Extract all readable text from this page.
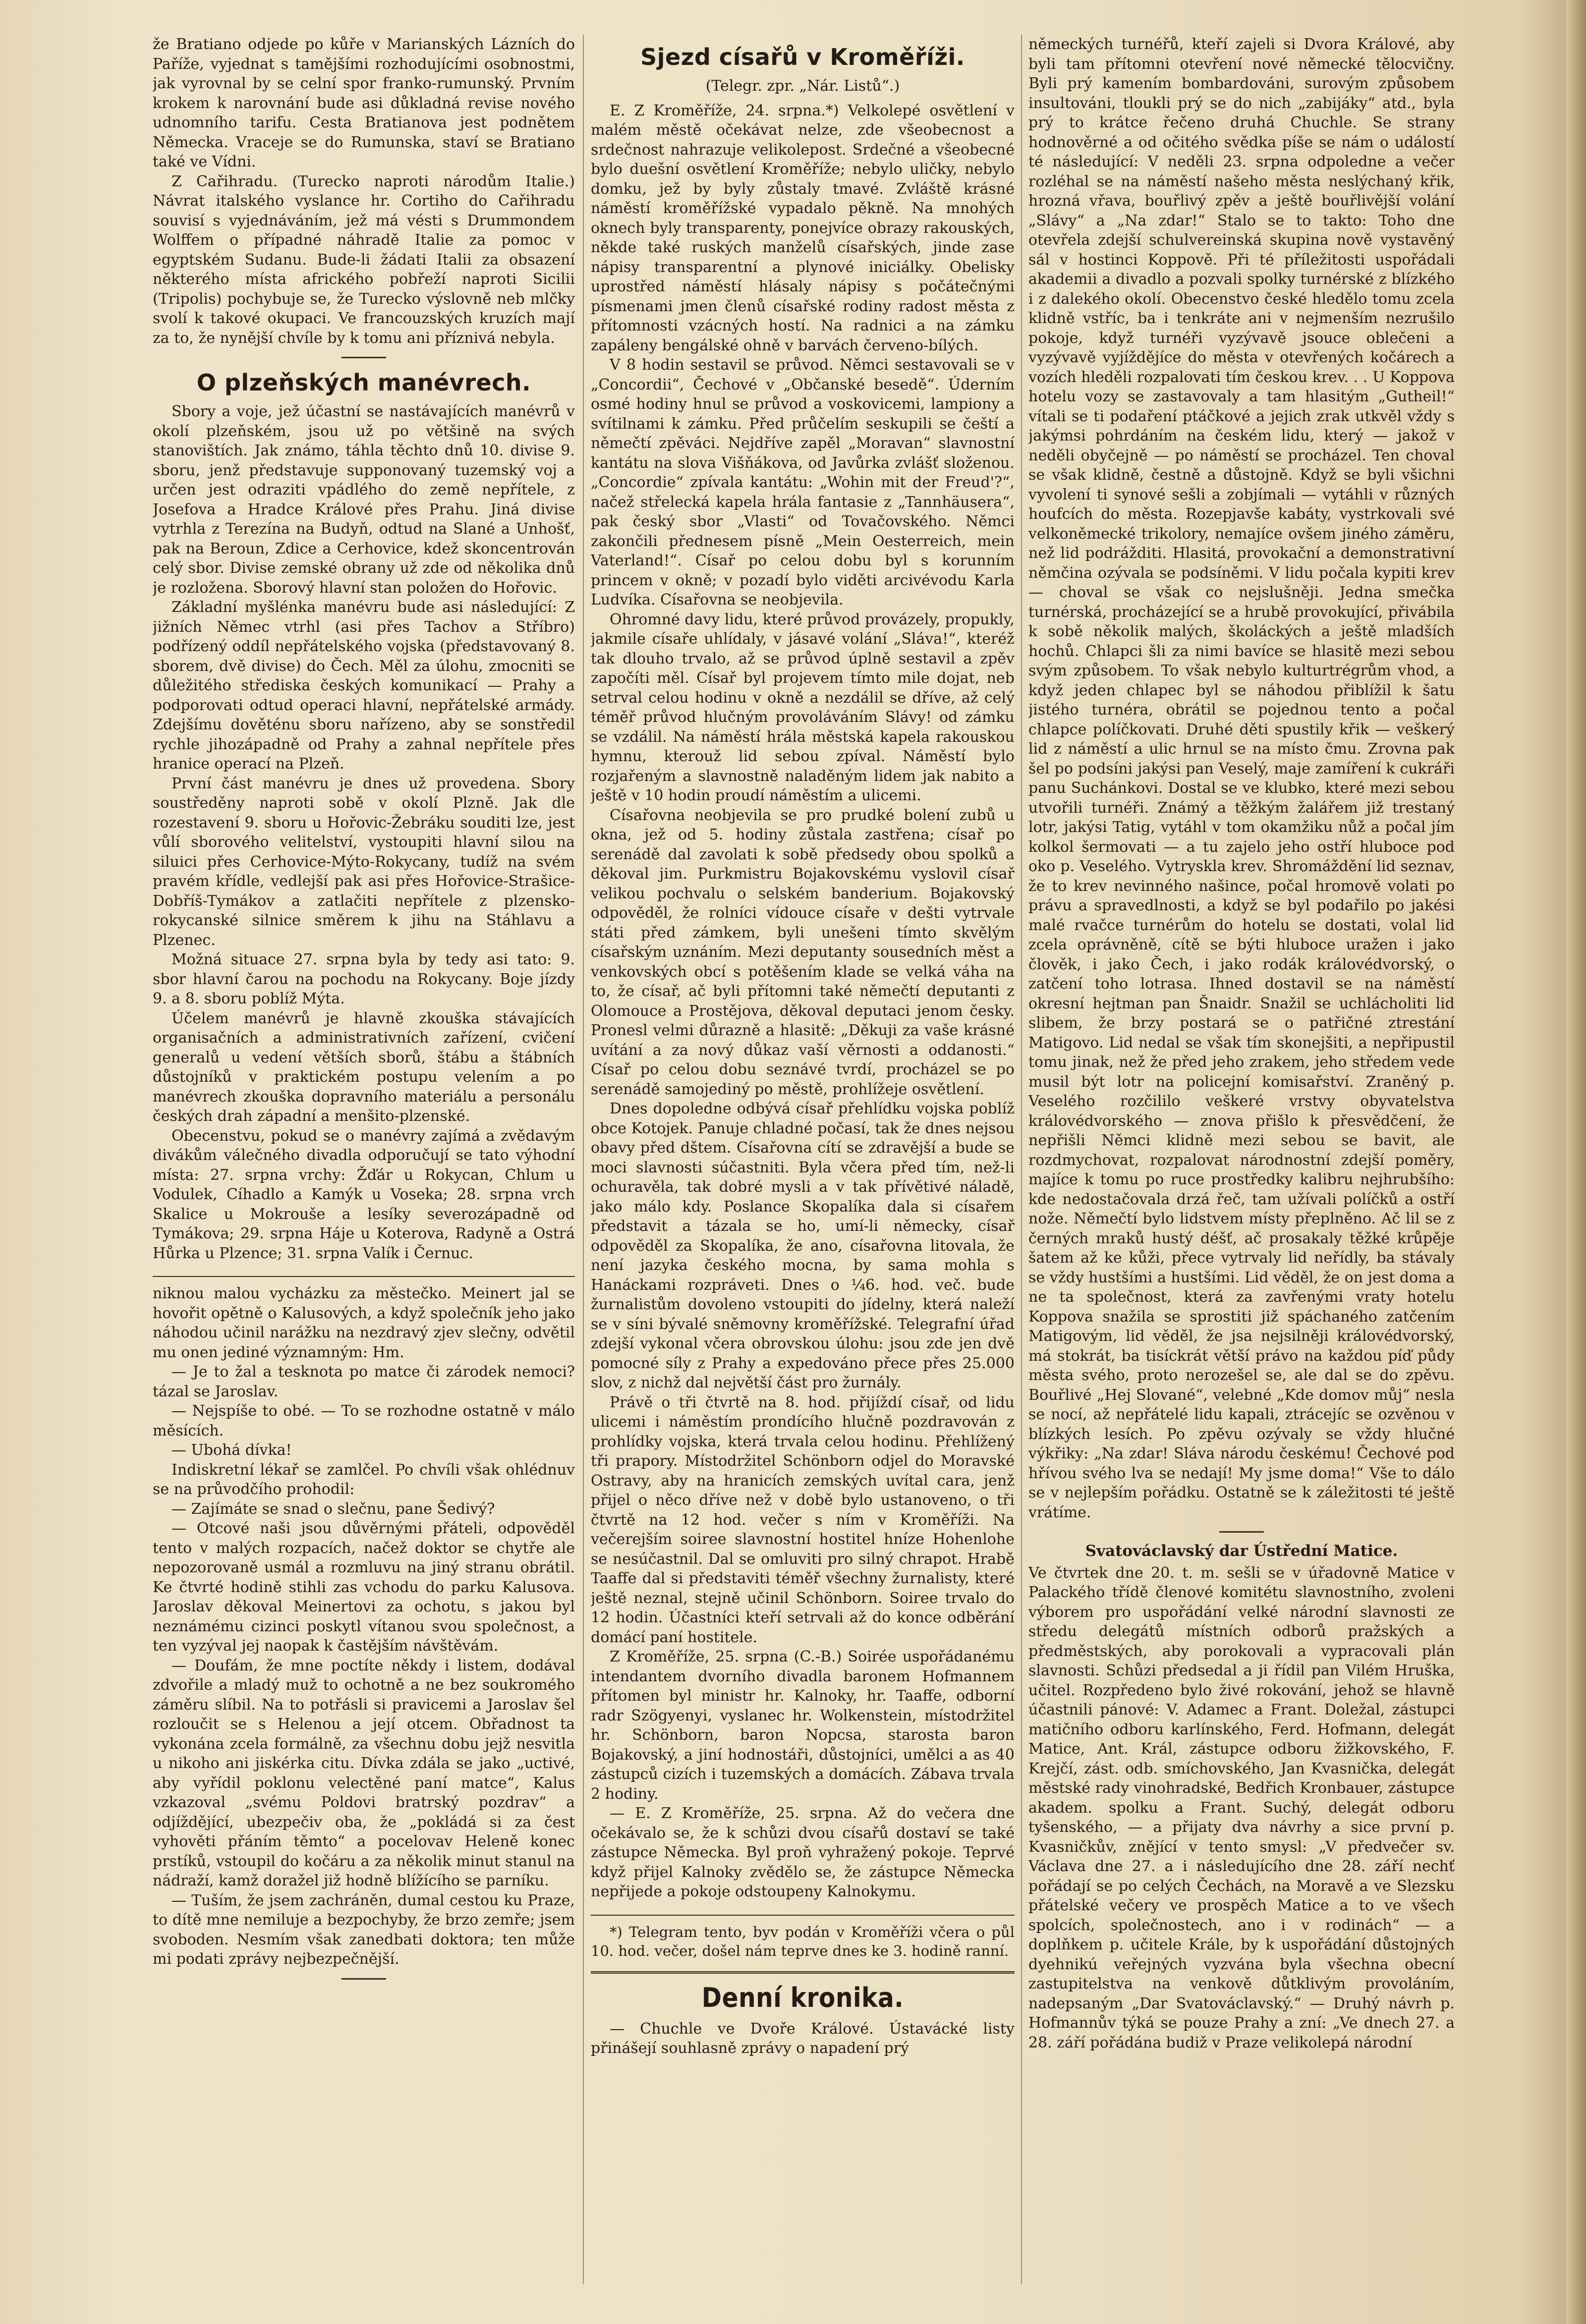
že Bratiano odjede po kůře v Marianských Lázních do Paříže, vyjednat s tamějšími rozhodujícími osobnostmi, jak vyrovnal by se celní spor franko-rumunský. Prvním krokem k narovnání bude asi důkladná revise nového udnomního tarifu. Cesta Bratianova jest podnětem Německa. Vraceje se do Rumunska, staví se Bratiano také ve Vídni.

Z Cařihradu. (Turecko naproti národům Italie.) Návrat italského vyslance hr. Cortiho do Cařihradu souvisí s vyjednáváním, jež má vésti s Drummondem Wolffem o případné náhradě Italie za pomoc v egyptském Sudanu. Bude-li žádati Italii za obsazení některého místa afrického pobřeží naproti Sicilii (Tripolis) pochybuje se, že Turecko výslovně neb mlčky svolí k takové okupaci. Ve francouzských kruzích mají za to, že nynější chvíle by k tomu ani příznivá nebyla.

O plzeňských manévrech.

Sbory a voje, jež účastní se nastávajících manévrů v okolí plzeňském, jsou už po většině na svých stanovištích. Jak známo, táhla těchto dnů 10. divise 9. sboru, jenž představuje supponovaný tuzemský voj a určen jest odraziti vpádlého do země nepřítele, z Josefova a Hradce Králové přes Prahu. Jiná divise vytrhla z Terezína na Budyň, odtud na Slané a Unhošť, pak na Beroun, Zdice a Cerhovice, kdež skoncentrován celý sbor. Divise zemské obrany už zde od několika dnů je rozložena. Sborový hlavní stan položen do Hořovic.

Základní myšlénka manévru bude asi následující: Z jižních Němec vtrhl (asi přes Tachov a Stříbro) podřízený oddíl nepřátelského vojska (představovaný 8. sborem, dvě divise) do Čech. Měl za úlohu, zmocniti se důležitého střediska českých komunikací — Prahy a podporovati odtud operaci hlavní, nepřátelské armády. Zdejšímu dověténu sboru nařízeno, aby se sonstředil rychle jihozápadně od Prahy a zahnal nepřítele přes hranice operací na Plzeň.

První část manévru je dnes už provedena. Sbory soustředěny naproti sobě v okolí Plzně. Jak dle rozestavení 9. sboru u Hořovic-Žebráku souditi lze, jest vůlí sborového velitelství, vystoupiti hlavní silou na siluici přes Cerhovice-Mýto-Rokycany, tudíž na svém pravém křídle, vedlejší pak asi přes Hořovice-Strašice-Dobříš-Tymákov a zatlačiti nepřítele z plzensko-rokycanské silnice směrem k jihu na Stáhlavu a Plzenec.

Možná situace 27. srpna byla by tedy asi tato: 9. sbor hlavní čarou na pochodu na Rokycany. Boje jízdy 9. a 8. sboru poblíž Mýta.

Účelem manévrů je hlavně zkouška stávajících organisačních a administrativních zařízení, cvičení generalů u vedení větších sborů, štábu a štábních důstojníků v praktickém postupu velením a po manévrech zkouška dopravního materiálu a personálu českých drah západní a menšito-plzenské.

Obecenstvu, pokud se o manévry zajímá a zvědavým divákům válečného divadla odporučují se tato výhodní místa: 27. srpna vrchy: Žďár u Rokycan, Chlum u Vodulek, Cíhadlo a Kamýk u Voseka; 28. srpna vrch Skalice u Mokrouše a lesíky severozápadně od Tymákova; 29. srpna Háje u Koterova, Radyně a Ostrá Hůrka u Plzence; 31. srpna Valík i Černuc.

niknou malou vycházku za městečko. Meinert jal se hovořit opětně o Kalusových, a když společník jeho jako náhodou učinil narážku na nezdravý zjev slečny, odvětil mu onen jediné významným: Hm.

— Je to žal a tesknota po matce či zárodek nemoci? tázal se Jaroslav.

— Nejspíše to obé. — To se rozhodne ostatně v málo měsících.

— Ubohá dívka!

Indiskretní lékař se zamlčel. Po chvíli však ohlédnuv se na průvodčího prohodil:

— Zajímáte se snad o slečnu, pane Šedivý?

— Otcové naši jsou důvěrnými přáteli, odpověděl tento v malých rozpacích, načež doktor se chytře ale nepozorovaně usmál a rozmluvu na jiný stranu obrátil. Ke čtvrté hodině stihli zas vchodu do parku Kalusova. Jaroslav děkoval Meinertovi za ochotu, s jakou byl neznámému cizinci poskytl vítanou svou společnost, a ten vyzýval jej naopak k častějším návštěvám.

— Doufám, že mne poctíte někdy i listem, dodával zdvořile a mladý muž to ochotně a ne bez soukromého záměru slíbil. Na to potřásli si pravicemi a Jaroslav šel rozloučit se s Helenou a její otcem. Obřadnost ta vykonána zcela formálně, za všechnu dobu jejž nesvitla u nikoho ani jiskérka citu. Dívka zdála se jako „uctivé, aby vyřídil poklonu velectěné paní matce“, Kalus vzkazoval „svému Poldovi bratrský pozdrav“ a odjíždějící, ubezpečiv oba, že „pokládá si za čest vyhověti přáním těmto“ a pocelovav Heleně konec prstíků, vstoupil do kočáru a za několik minut stanul na nádraží, kamž doražel již hodně blížícího se parníku.

— Tuším, že jsem zachráněn, dumal cestou ku Praze, to dítě mne nemiluje a bezpochyby, že brzo zemře; jsem svoboden. Nesmím však zanedbati doktora; ten může mi podati zprávy nejbezpečnější.

Sjezd císařů v Kroměříži.
(Telegr. zpr. „Nár. Listů“.)

E. Z Kroměříže, 24. srpna.*) Velkolepé osvětlení v malém městě očekávat nelze, zde všeobecnost a srdečnost nahrazuje velikolepost. Srdečné a všeobecné bylo duešní osvětlení Kroměříže; nebylo uličky, nebylo domku, jež by byly zůstaly tmavé. Zvláště krásné náměstí kroměřížské vypadalo pěkně. Na mnohých oknech byly transparenty, ponejvíce obrazy rakouských, někde také ruských manželů císařských, jinde zase nápisy transparentní a plynové iniciálky. Obelisky uprostřed náměstí hlásaly nápisy s počátečnými písmenami jmen členů císařské rodiny radost města z přítomnosti vzácných hostí. Na radnici a na zámku zapáleny bengálské ohně v barvách červeno-bílých.

V 8 hodin sestavil se průvod. Němci sestavovali se v „Concordii“, Čechové v „Občanské besedě“. Úderním osmé hodiny hnul se průvod a voskovicemi, lampiony a svítilnami k zámku. Před průčelím seskupili se čeští a němečtí zpěváci. Nejdříve zapěl „Moravan“ slavnostní kantátu na slova Višňákova, od Javůrka zvlášť složenou. „Concordie“ zpívala kantátu: „Wohin mit der Freud'?“, načež střelecká kapela hrála fantasie z „Tannhäusera“, pak český sbor „Vlasti“ od Tovačovského. Němci zakončili přednesem písně „Mein Oesterreich, mein Vaterland!“. Císař po celou dobu byl s korunním princem v okně; v pozadí bylo viděti arcivévodu Karla Ludvíka. Císařovna se neobjevila.

Ohromné davy lidu, které průvod provázely, propukly, jakmile císaře uhlídaly, v jásavé volání „Sláva!“, kteréž tak dlouho trvalo, až se průvod úplně sestavil a zpěv započíti měl. Císař byl projevem tímto mile dojat, neb setrval celou hodinu v okně a nezdálil se dříve, až celý téměř průvod hlučným provoláváním Slávy! od zámku se vzdálil. Na náměstí hrála městská kapela rakouskou hymnu, kterouž lid sebou zpíval. Náměstí bylo rozjařeným a slavnostně naladěným lidem jak nabito a ještě v 10 hodin proudí náměstím a ulicemi.

Císařovna neobjevila se pro prudké bolení zubů u okna, jež od 5. hodiny zůstala zastřena; císař po serenádě dal zavolati k sobě předsedy obou spolků a děkoval jim. Purkmistru Bojakovskému vyslovil císař velikou pochvalu o selském banderium. Bojakovský odpověděl, že rolníci vídouce císaře v dešti vytrvale státi před zámkem, byli unešeni tímto skvělým císařským uznáním. Mezi deputanty sousedních měst a venkovských obcí s potěšením klade se velká váha na to, že císař, ač byli přítomni také němečtí deputanti z Olomouce a Prostějova, děkoval deputaci jenom česky. Pronesl velmi důrazně a hlasitě: „Děkuji za vaše krásné uvítání a za nový důkaz vaší věrnosti a oddanosti.“ Císař po celou dobu seznávé tvrdí, procházel se po serenádě samojediný po městě, prohlížeje osvětlení.

Dnes dopoledne odbývá císař přehlídku vojska poblíž obce Kotojek. Panuje chladné počasí, tak že dnes nejsou obavy před dštem. Císařovna cítí se zdravější a bude se moci slavnosti súčastniti. Byla včera před tím, než-li ochuravěla, tak dobré mysli a v tak přívětivé náladě, jako málo kdy. Poslance Skopalíka dala si císařem představit a tázala se ho, umí-li německy, císař odpověděl za Skopalíka, že ano, císařovna litovala, že není jazyka českého mocna, by sama mohla s Hanáckami rozpráveti. Dnes o ¼6. hod. več. bude žurnalistům dovoleno vstoupiti do jídelny, která naleží se v síni bývalé sněmovny kroměřížské. Telegrafní úřad zdejší vykonal včera obrovskou úlohu: jsou zde jen dvě pomocné síly z Prahy a expedováno přece přes 25.000 slov, z nichž dal největší část pro žurnály.

Právě o tři čtvrtě na 8. hod. přijíždí císař, od lidu ulicemi i náměstím prondícího hlučně pozdravován z prohlídky vojska, která trvala celou hodinu. Přehlížený tři prapory. Místodržitel Schönborn odjel do Moravské Ostravy, aby na hranicích zemských uvítal cara, jenž přijel o něco dříve než v době bylo ustanoveno, o tři čtvrtě na 12 hod. večer s ním v Kroměříži. Na večerejším soiree slavnostní hostitel hníze Hohenlohe se nesúčastnil. Dal se omluviti pro silný chrapot. Hrabě Taaffe dal si představiti téměř všechny žurnalisty, které ještě neznal, stejně učinil Schönborn. Soiree trvalo do 12 hodin. Účastníci kteří setrvali až do konce odběrání domácí paní hostitele.

Z Kroměříže, 25. srpna (C.-B.) Soirée uspořádanému intendantem dvorního divadla baronem Hofmannem přítomen byl ministr hr. Kalnoky, hr. Taaffe, odborní radr Szögyenyi, vyslanec hr. Wolkenstein, místodržitel hr. Schönborn, baron Nopcsa, starosta baron Bojakovský, a jiní hodnostáři, důstojníci, umělci a as 40 zástupců cizích i tuzemských a domácích. Zábava trvala 2 hodiny.

— E. Z Kroměříže, 25. srpna. Až do večera dne očekávalo se, že k schůzi dvou císařů dostaví se také zástupce Německa. Byl proň vyhražený pokoje. Teprvé když přijel Kalnoky zvědělo se, že zástupce Německa nepřijede a pokoje odstoupeny Kalnokymu.

*) Telegram tento, byv podán v Kroměříži včera o půl 10. hod. večer, došel nám teprve dnes ke 3. hodině ranní.

Denní kronika.

— Chuchle ve Dvoře Králové. Ústavácké listy přinášejí souhlasně zprávy o napadení prý

německých turnéřů, kteří zajeli si Dvora Králové, aby byli tam přítomni otevření nové německé tělocvičny. Byli prý kamením bombardováni, surovým způsobem insultováni, tloukli prý se do nich „zabijáky“ atd., byla prý to krátce řečeno druhá Chuchle. Se strany hodnověrné a od očitého svědka píše se nám o událostí té následující: V neděli 23. srpna odpoledne a večer rozléhal se na náměstí našeho města neslýchaný křik, hrozná vřava, bouřlivý zpěv a ještě bouřlivější volání „Slávy“ a „Na zdar!“ Stalo se to takto: Toho dne otevřela zdejší schulvereinská skupina nově vystavěný sál v hostinci Koppově. Při té příležitosti uspořádali akademii a divadlo a pozvali spolky turnérské z blízkého i z dalekého okolí. Obecenstvo české hledělo tomu zcela klidně vstříc, ba i tenkráte ani v nejmenším nezrušilo pokoje, když turnéři vyzývavě jsouce oblečeni a vyzývavě vyjíždějíce do města v otevřených kočárech a vozích hleděli rozpalovati tím českou krev. . . U Koppova hotelu vozy se zastavovaly a tam hlasitým „Gutheil!“ vítali se ti podaření ptáčkové a jejich zrak utkvěl vždy s jakýmsi pohrdáním na českém lidu, který — jakož v neděli obyčejně — po náměstí se procházel. Ten choval se však klidně, čestně a důstojně. Když se byli všichni vyvolení ti synové sešli a zobjímali — vytáhli v různých houfcích do města. Rozepjavše kabáty, vystrkovali své velkoněmecké trikolory, nemajíce ovšem jiného záměru, než lid podrážditi. Hlasitá, provokační a demonstrativní němčina ozývala se podsíněmi. V lidu počala kypiti krev — choval se však co nejslušněji. Jedna smečka turnérská, procházející se a hrubě provokující, přivábila k sobě několik malých, školáckých a ještě mladších hochů. Chlapci šli za nimi bavíce se hlasitě mezi sebou svým způsobem. To však nebylo kulturtrégrům vhod, a když jeden chlapec byl se náhodou přiblížil k šatu jistého turnéra, obrátil se pojednou tento a počal chlapce políčkovati. Druhé děti spustily křik — veškerý lid z náměstí a ulic hrnul se na místo čmu. Zrovna pak šel po podsíni jakýsi pan Veselý, maje zamíření k cukráři panu Suchánkovi. Dostal se ve klubko, které mezi sebou utvořili turnéři. Známý a těžkým žalářem již trestaný lotr, jakýsi Tatig, vytáhl v tom okamžiku nůž a počal jím kolkol šermovati — a tu zajelo jeho ostří hluboce pod oko p. Veselého. Vytryskla krev. Shromáždění lid seznav, že to krev nevinného našince, počal hromově volati po právu a spravedlnosti, a když se byl podařilo po jakési malé rvačce turnérům do hotelu se dostati, volal lid zcela oprávněně, cítě se býti hluboce uražen i jako člověk, i jako Čech, i jako rodák královédvorský, o zatčení toho lotrasa. Ihned dostavil se na náměstí okresní hejtman pan Šnaidr. Snažil se uchlácholiti lid slibem, že brzy postará se o patřičné ztrestání Matigovo. Lid nedal se však tím skonejšiti, a nepřipustil tomu jinak, než že před jeho zrakem, jeho středem vede musil být lotr na policejní komisařství. Zraněný p. Veselého rozčililo veškeré vrstvy obyvatelstva královédvorského — znova přišlo k přesvědčení, že nepřišli Němci klidně mezi sebou se bavit, ale rozdmychovat, rozpalovat národnostní zdejší poměry, majíce k tomu po ruce prostředky kalibru nejhrubšího: kde nedostačovala drzá řeč, tam užívali políčků a ostří nože. Němečtí bylo lidstvem místy přeplněno. Ač lil se z černých mraků hustý déšť, ač prosakaly těžké krůpěje šatem až ke kůži, přece vytrvaly lid neřídly, ba stávaly se vždy hustšími a hustšími. Lid věděl, že on jest doma a ne ta společnost, která za zavřenými vraty hotelu Koppova snažila se sprostiti již spáchaného zatčením Matigovým, lid věděl, že jsa nejsilněji královédvorský, má stokrát, ba tisíckrát větší právo na každou píď půdy města svého, proto nerozešel se, ale dal se do zpěvu. Bouřlivé „Hej Slované“, velebné „Kde domov můj“ nesla se nocí, až nepřátelé lidu kapali, ztrácejíc se ozvěnou v blízkých lesích. Po zpěvu ozývaly se vždy hlučné výkřiky: „Na zdar! Sláva národu českému! Čechové pod hřívou svého lva se nedají! My jsme doma!“ Vše to dálo se v nejlepším pořádku. Ostatně se k záležitosti té ještě vrátíme.

Svatováclavský dar Ústřední Matice.

Ve čtvrtek dne 20. t. m. sešli se v úřadovně Matice v Palackého třídě členové komitétu slavnostního, zvoleni výborem pro uspořádání velké národní slavnosti ze středu delegátů místních odborů pražských a předměstských, aby porokovali a vypracovali plán slavnosti. Schůzi předsedal a ji řídil pan Vilém Hruška, učitel. Rozpředeno bylo živé rokování, jehož se hlavně účastnili pánové: V. Adamec a Frant. Doležal, zástupci matičního odboru karlínského, Ferd. Hofmann, delegát Matice, Ant. Král, zástupce odboru žižkovského, F. Krejčí, zást. odb. smíchovského, Jan Kvasnička, delegát městské rady vinohradské, Bedřich Kronbauer, zástupce akadem. spolku a Frant. Suchý, delegát odboru tyšenského, — a přijaty dva návrhy a sice první p. Kvasničkův, znějící v tento smysl: „V předvečer sv. Václava dne 27. a i následujícího dne 28. září nechť pořádají se po celých Čechách, na Moravě a ve Slezsku přátelské večery ve prospěch Matice a to ve všech spolcích, společnostech, ano i v rodinách“ — a doplňkem p. učitele Krále, by k uspořádání důstojných dyehnikú veřejných vyzvána byla všechna obecní zastupitelstva na venkově důtklivým provoláním, nadepsaným „Dar Svatováclavský.“ — Druhý návrh p. Hofmannův týká se pouze Prahy a zní: „Ve dnech 27. a 28. září pořádána budiž v Praze velikolepá národní
